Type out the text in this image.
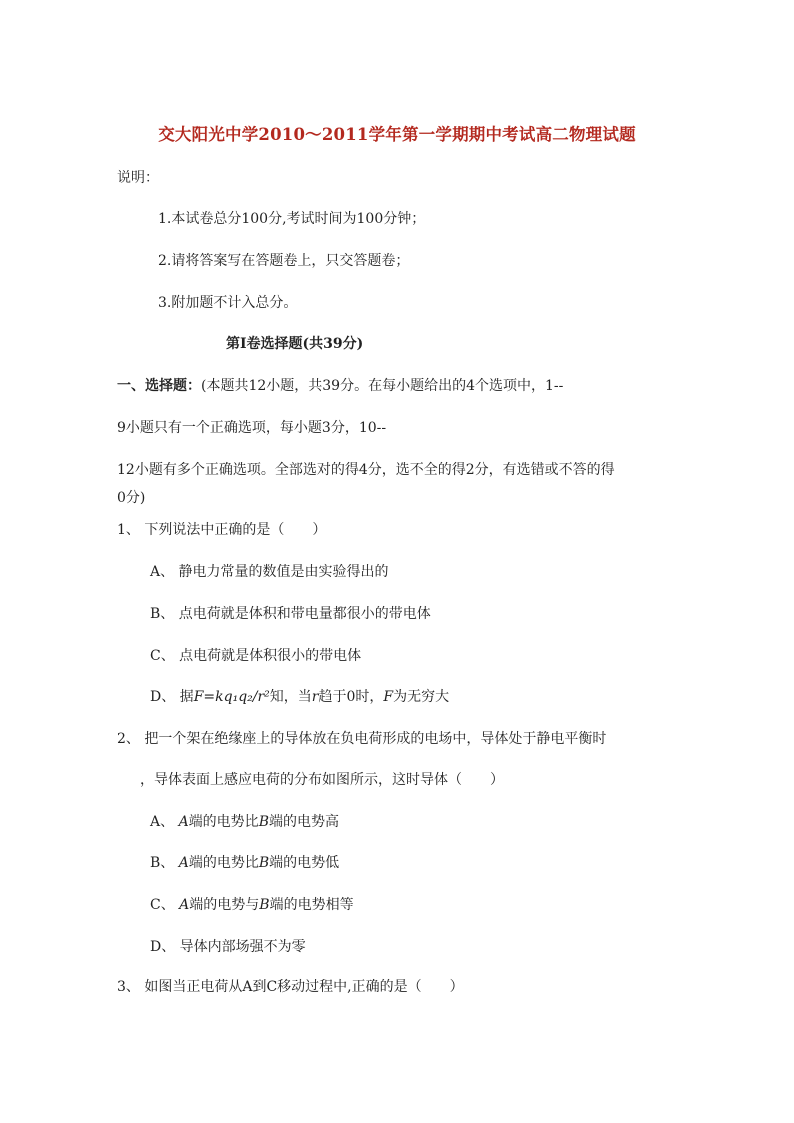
交大阳光中学2010～2011学年第一学期期中考试高二物理试题
说明：
1.本试卷总分100分,考试时间为100分钟；
2.请将答案写在答题卷上，只交答题卷；
3.附加题不计入总分。
第Ⅰ卷选择题(共39分)
一、选择题：(本题共12小题，共39分。在每小题给出的4个选项中，1--
9小题只有一个正确选项，每小题3分，10--
12小题有多个正确选项。全部选对的得4分，选不全的得2分，有选错或不答的得
0分)
1、 下列说法中正确的是（　　）
A、 静电力常量的数值是由实验得出的
B、 点电荷就是体积和带电量都很小的带电体
C、 点电荷就是体积很小的带电体
D、 据F=kq₁q₂/r²知，当r趋于0时，F为无穷大
2、 把一个架在绝缘座上的导体放在负电荷形成的电场中，导体处于静电平衡时
，导体表面上感应电荷的分布如图所示，这时导体（　　）
A、 A端的电势比B端的电势高
B、 A端的电势比B端的电势低
C、 A端的电势与B端的电势相等
D、 导体内部场强不为零
3、 如图当正电荷从A到C移动过程中,正确的是（　　）
